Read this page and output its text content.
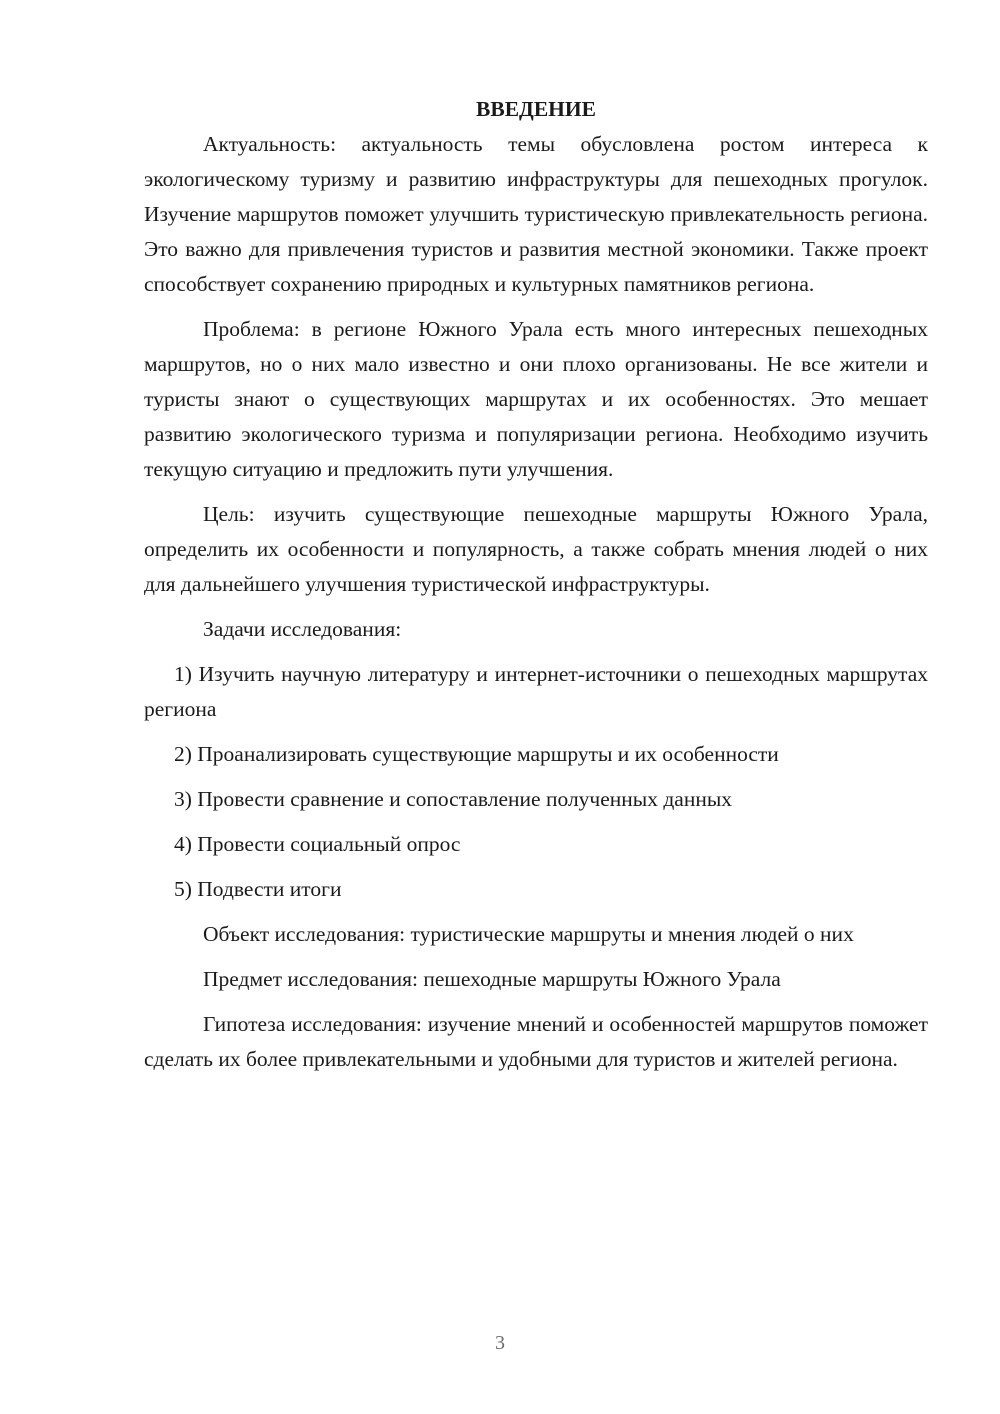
ВВЕДЕНИЕ

Актуальность: актуальность темы обусловлена ростом интереса к экологическому туризму и развитию инфраструктуры для пешеходных прогулок. Изучение маршрутов поможет улучшить туристическую привлекательность региона. Это важно для привлечения туристов и развития местной экономики. Также проект способствует сохранению природных и культурных памятников региона.

Проблема: в регионе Южного Урала есть много интересных пешеходных маршрутов, но о них мало известно и они плохо организованы. Не все жители и туристы знают о существующих маршрутах и их особенностях. Это мешает развитию экологического туризма и популяризации региона. Необходимо изучить текущую ситуацию и предложить пути улучшения.

Цель: изучить существующие пешеходные маршруты Южного Урала, определить их особенности и популярность, а также собрать мнения людей о них для дальнейшего улучшения туристической инфраструктуры.

Задачи исследования:

1) Изучить научную литературу и интернет-источники о пешеходных маршрутах региона

2) Проанализировать существующие маршруты и их особенности

3) Провести сравнение и сопоставление полученных данных

4) Провести социальный опрос

5) Подвести итоги

Объект исследования: туристические маршруты и мнения людей о них

Предмет исследования: пешеходные маршруты Южного Урала

Гипотеза исследования: изучение мнений и особенностей маршрутов поможет сделать их более привлекательными и удобными для туристов и жителей региона.

3
